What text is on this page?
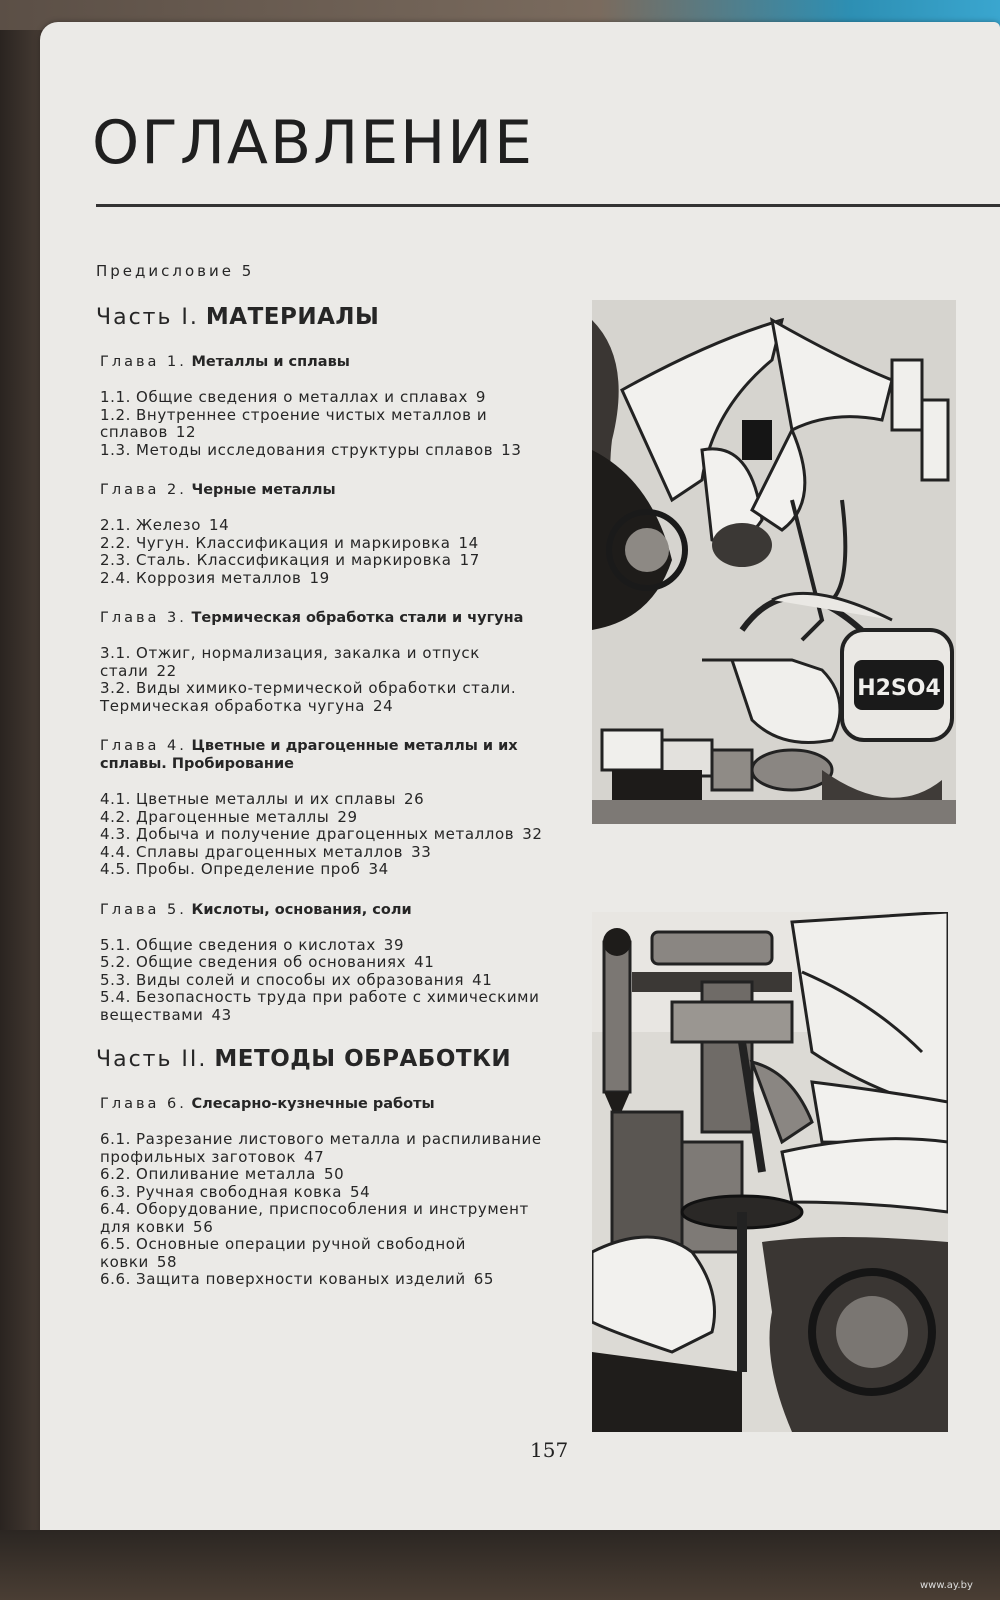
ОГЛАВЛЕНИЕ

Предисловие 5

Часть I. МАТЕРИАЛЫ

Глава 1. Металлы и сплавы

1.1. Общие сведения о металлах и сплавах 9

1.2. Внутреннее строение чистых металлов и сплавов 12

1.3. Методы исследования структуры сплавов 13

Глава 2. Черные металлы

2.1. Железо 14

2.2. Чугун. Классификация и маркировка 14

2.3. Сталь. Классификация и маркировка 17

2.4. Коррозия металлов 19

Глава 3. Термическая обработка стали и чугуна

3.1. Отжиг, нормализация, закалка и отпуск стали 22

3.2. Виды химико-термической обработки стали. Термическая обработка чугуна 24

Глава 4. Цветные и драгоценные металлы и их сплавы. Пробирование

4.1. Цветные металлы и их сплавы 26

4.2. Драгоценные металлы 29

4.3. Добыча и получение драгоценных металлов 32

4.4. Сплавы драгоценных металлов 33

4.5. Пробы. Определение проб 34

Глава 5. Кислоты, основания, соли

5.1. Общие сведения о кислотах 39

5.2. Общие сведения об основаниях 41

5.3. Виды солей и способы их образования 41

5.4. Безопасность труда при работе с химическими веществами 43

Часть II. МЕТОДЫ ОБРАБОТКИ

Глава 6. Слесарно-кузнечные работы

6.1. Разрезание листового металла и распиливание профильных заготовок 47

6.2. Опиливание металла 50

6.3. Ручная свободная ковка 54

6.4. Оборудование, приспособления и инструмент для ковки 56

6.5. Основные операции ручной свободной ковки 58

6.6. Защита поверхности кованых изделий 65

157
H2SO4
www.ay.by
